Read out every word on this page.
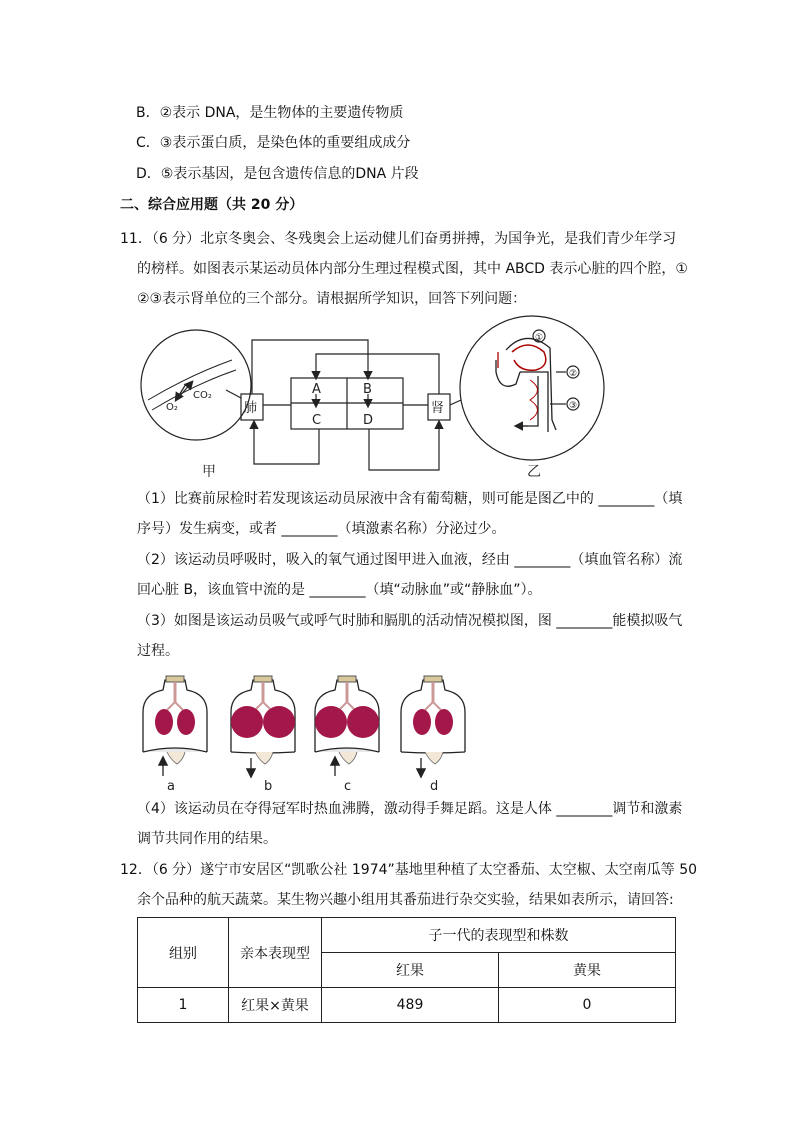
B．②表示 DNA，是生物体的主要遗传物质
C．③表示蛋白质，是染色体的重要组成成分
D．⑤表示基因，是包含遗传信息的DNA 片段
二、综合应用题（共 20 分）
11．（6 分）北京冬奥会、冬残奥会上运动健儿们奋勇拼搏，为国争光，是我们青少年学习
的榜样。如图表示某运动员体内部分生理过程模式图，其中 ABCD 表示心脏的四个腔，①
②③表示肾单位的三个部分。请根据所学知识，回答下列问题：
CO₂
O₂	肺	肾
A	B
C	D
①
②
③
甲	乙
（1）比赛前尿检时若发现该运动员尿液中含有葡萄糖，则可能是图乙中的 ________（填
序号）发生病变，或者 ________（填激素名称）分泌过少。
（2）该运动员呼吸时，吸入的氧气通过图甲进入血液，经由 ________（填血管名称）流
回心脏 B，该血管中流的是 ________（填“动脉血”或“静脉血”）。
（3）如图是该运动员吸气或呼气时肺和膈肌的活动情况模拟图，图 ________能模拟吸气
过程。
a	b	c	d
（4）该运动员在夺得冠军时热血沸腾，激动得手舞足蹈。这是人体 ________调节和激素
调节共同作用的结果。
12．（6 分）遂宁市安居区“凯歌公社 1974”基地里种植了太空番茄、太空椒、太空南瓜等 50
余个品种的航天蔬菜。某生物兴趣小组用其番茄进行杂交实验，结果如表所示，请回答:
组别	亲本表现型	子一代的表现型和株数	
		红果	黄果
1	红果×黄果	489	0
